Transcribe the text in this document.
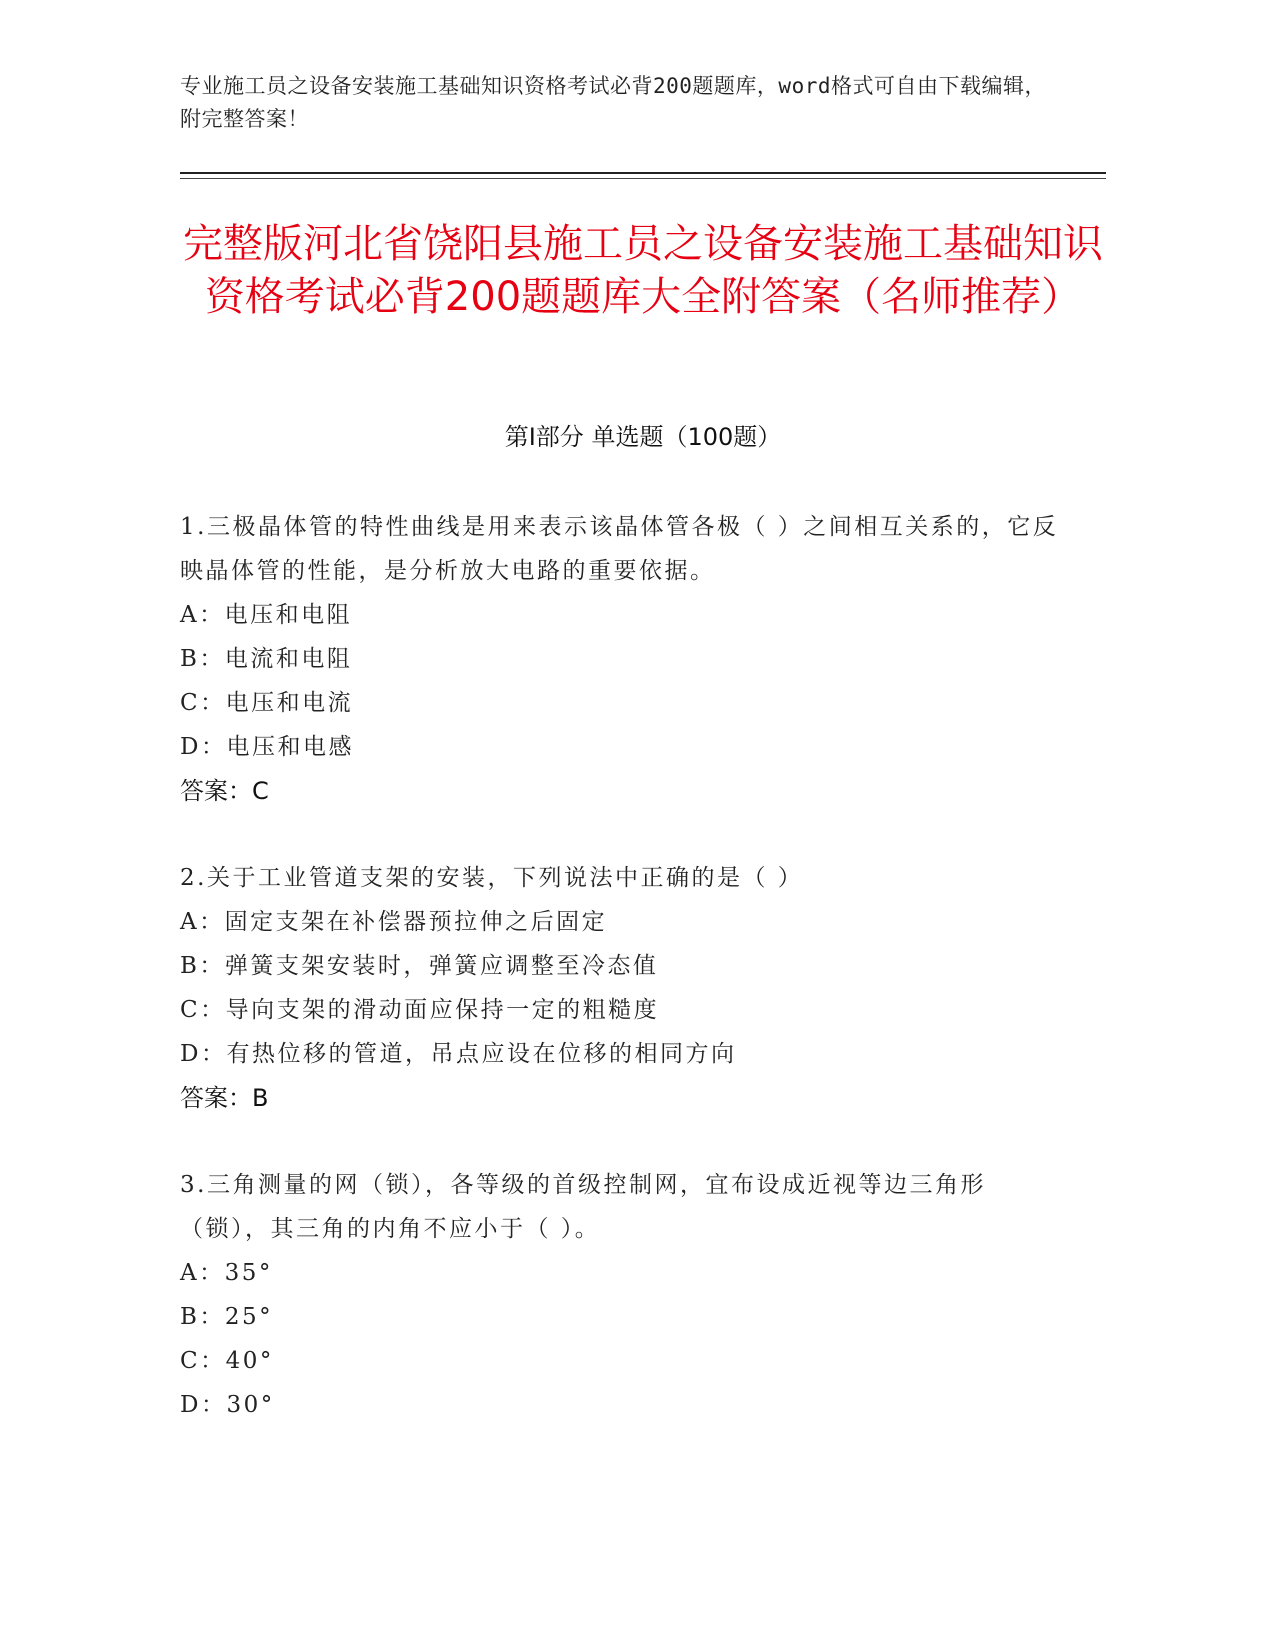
专业施工员之设备安装施工基础知识资格考试必背200题题库，word格式可自由下载编辑，附完整答案！
完整版河北省饶阳县施工员之设备安装施工基础知识资格考试必背200题题库大全附答案（名师推荐）
第Ⅰ部分 单选题（100题）
1.三极晶体管的特性曲线是用来表示该晶体管各极（ ）之间相互关系的，它反映晶体管的性能，是分析放大电路的重要依据。
A：电压和电阻
B：电流和电阻
C：电压和电流
D：电压和电感
答案：C
2.关于工业管道支架的安装，下列说法中正确的是（ ）
A：固定支架在补偿器预拉伸之后固定
B：弹簧支架安装时，弹簧应调整至冷态值
C：导向支架的滑动面应保持一定的粗糙度
D：有热位移的管道，吊点应设在位移的相同方向
答案：B
3.三角测量的网（锁），各等级的首级控制网，宜布设成近视等边三角形（锁），其三角的内角不应小于（ ）。
A：35°
B：25°
C：40°
D：30°
